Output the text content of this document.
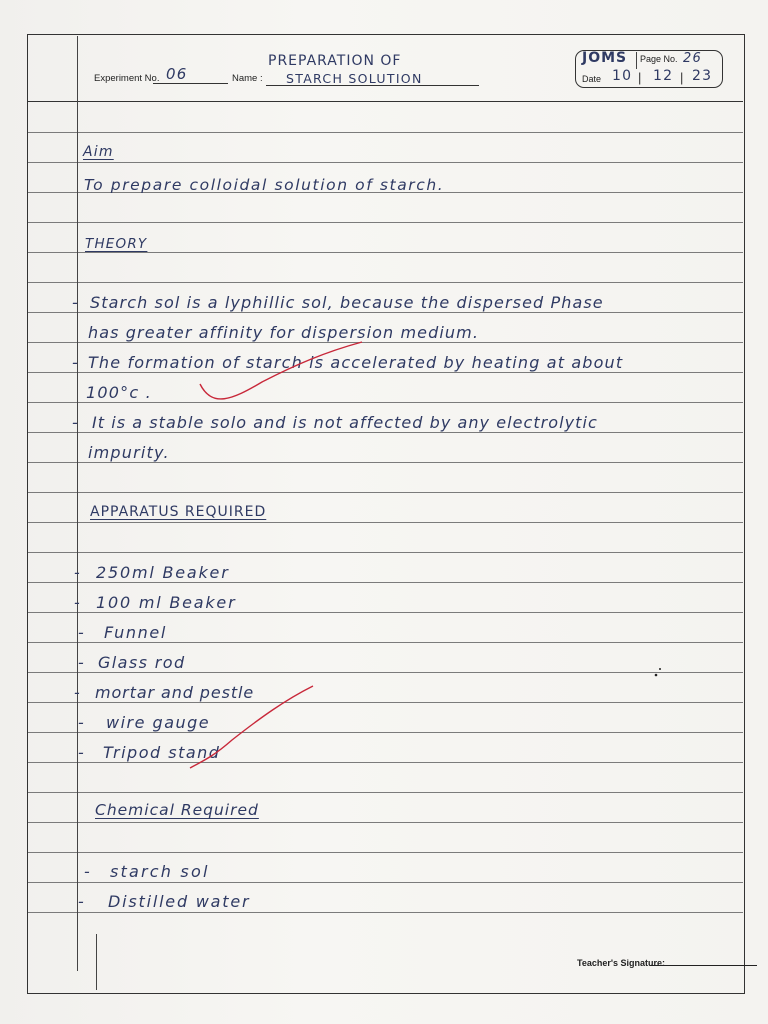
Experiment No. 06	Name :
PREPARATION OF
STARCH SOLUTION
JOMS Page No. 26
Date 10 | 12 | 23
Aim
To prepare colloidal solution of starch.
THEORY
- Starch sol is a lyphillic sol, because the dispersed Phase
has greater affinity for dispersion medium.
- The formation of starch is accelerated by heating at about
100°c .
- It is a stable solo and is not affected by any electrolytic
impurity.
APPARATUS REQUIRED
- 250ml Beaker
- 100 ml Beaker
- Funnel
- Glass rod
- mortar and pestle
- wire gauge
- Tripod stand
Chemical Required
- starch sol
- Distilled water
Teacher's Signature:
